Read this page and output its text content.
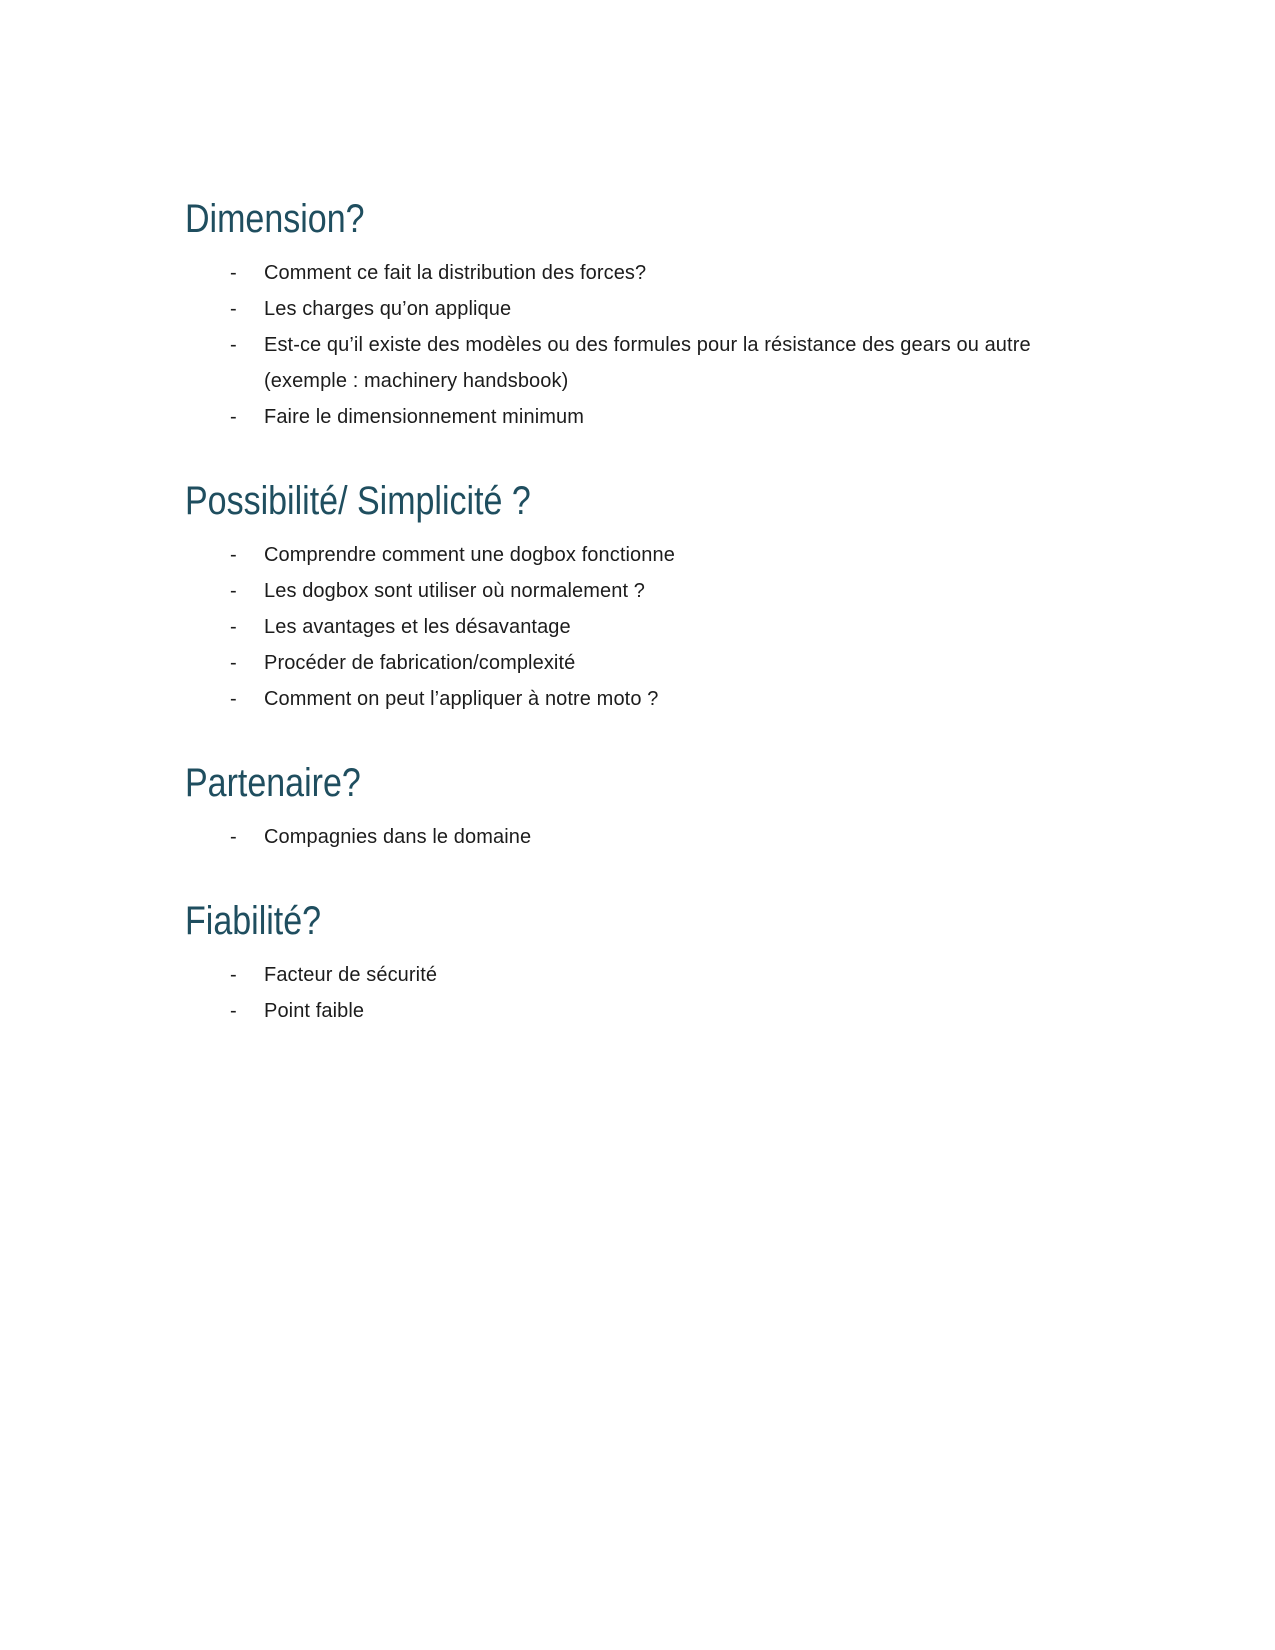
Dimension?
- Comment ce fait la distribution des forces?
- Les charges qu’on applique
- Est-ce qu’il existe des modèles ou des formules pour la résistance des gears ou autre (exemple : machinery handsbook)
- Faire le dimensionnement minimum
Possibilité/ Simplicité ?
- Comprendre comment une dogbox fonctionne
- Les dogbox sont utiliser où normalement ?
- Les avantages et les désavantage
- Procéder de fabrication/complexité
- Comment on peut l’appliquer à notre moto ?
Partenaire?
- Compagnies dans le domaine
Fiabilité?
- Facteur de sécurité
- Point faible
